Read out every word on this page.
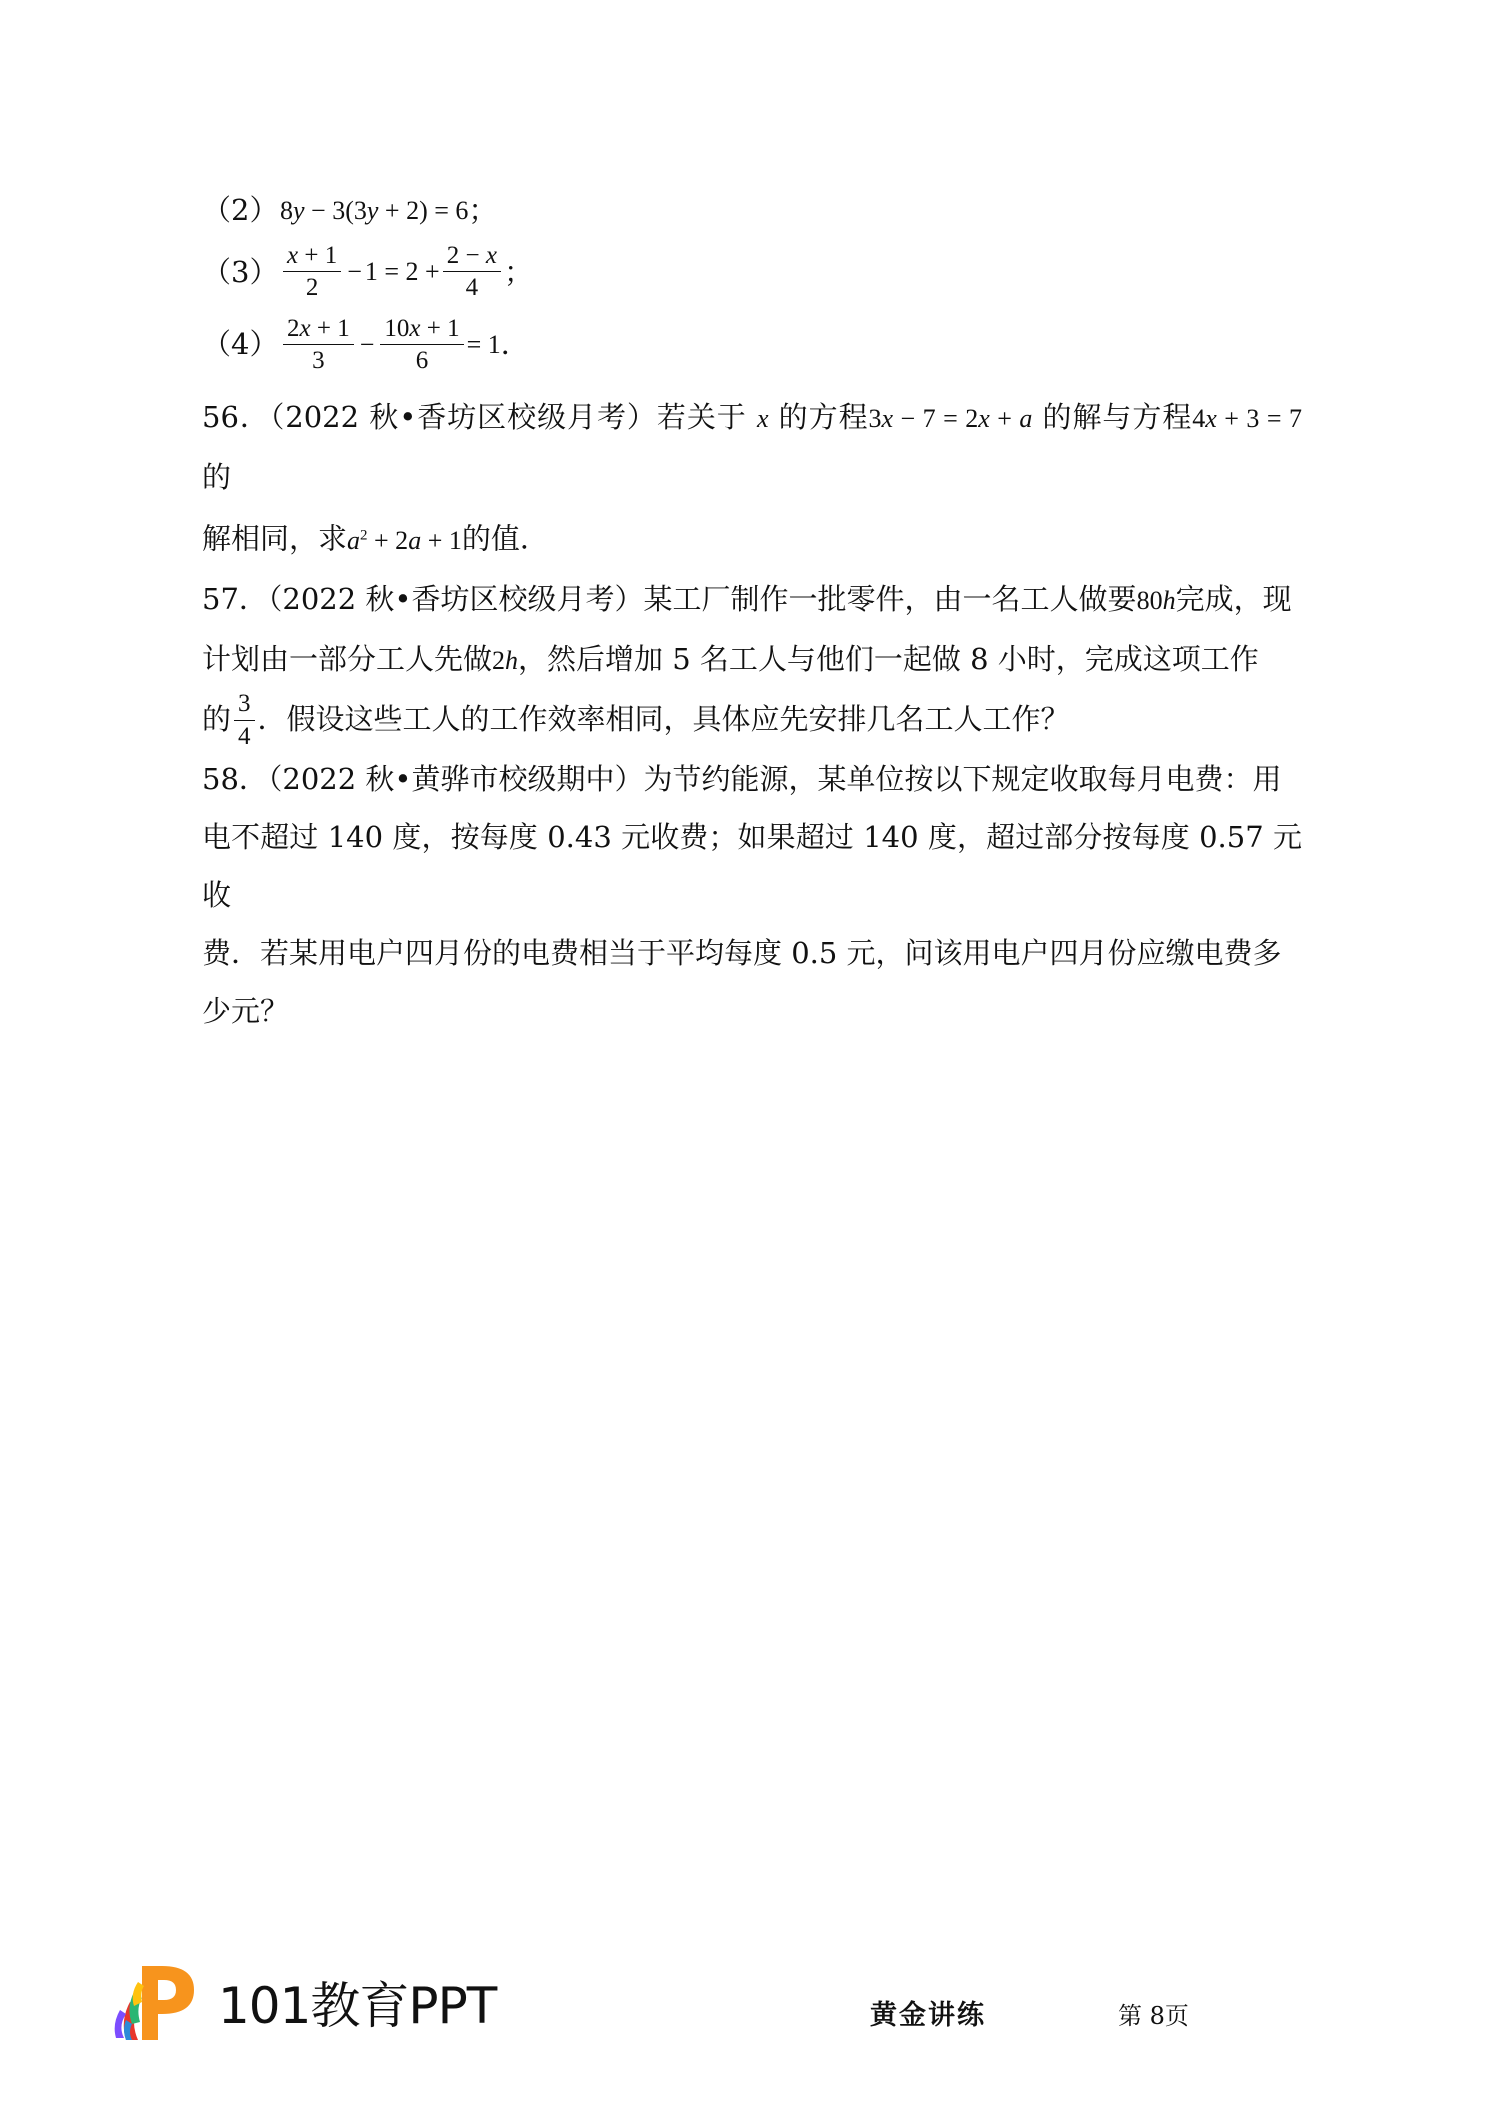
（2） 8y − 3(3y + 2) = 6 ；
$(3) \frac{x + 1}{2} - 1 = 2 + \frac{2 - x}{4}$ ；
$(4) \frac{2x + 1}{3} - \frac{10x + 1}{6} = 1$ ．

56．（2022 秋•香坊区校级月考）若关于 x 的方程3x − 7 = 2x + a 的解与方程4x + 3 = 7 的
解相同，求$a^2 + 2a + 1$的值．

57．（2022 秋•香坊区校级月考）某工厂制作一批零件，由一名工人做要80h完成，现
计划由一部分工人先做2h，然后增加 5 名工人与他们一起做 8 小时，完成这项工作
的 $\frac{3}{4}$ ．假设这些工人的工作效率相同，具体应先安排几名工人工作？

58．（2022 秋•黄骅市校级期中）为节约能源，某单位按以下规定收取每月电费：用
电不超过 140 度，按每度 0.43 元收费；如果超过 140 度，超过部分按每度 0.57 元收
费．若某用电户四月份的电费相当于平均每度 0.5 元，问该用电户四月份应缴电费多
少元？

101教育PPT	黄金讲练	第 8页
